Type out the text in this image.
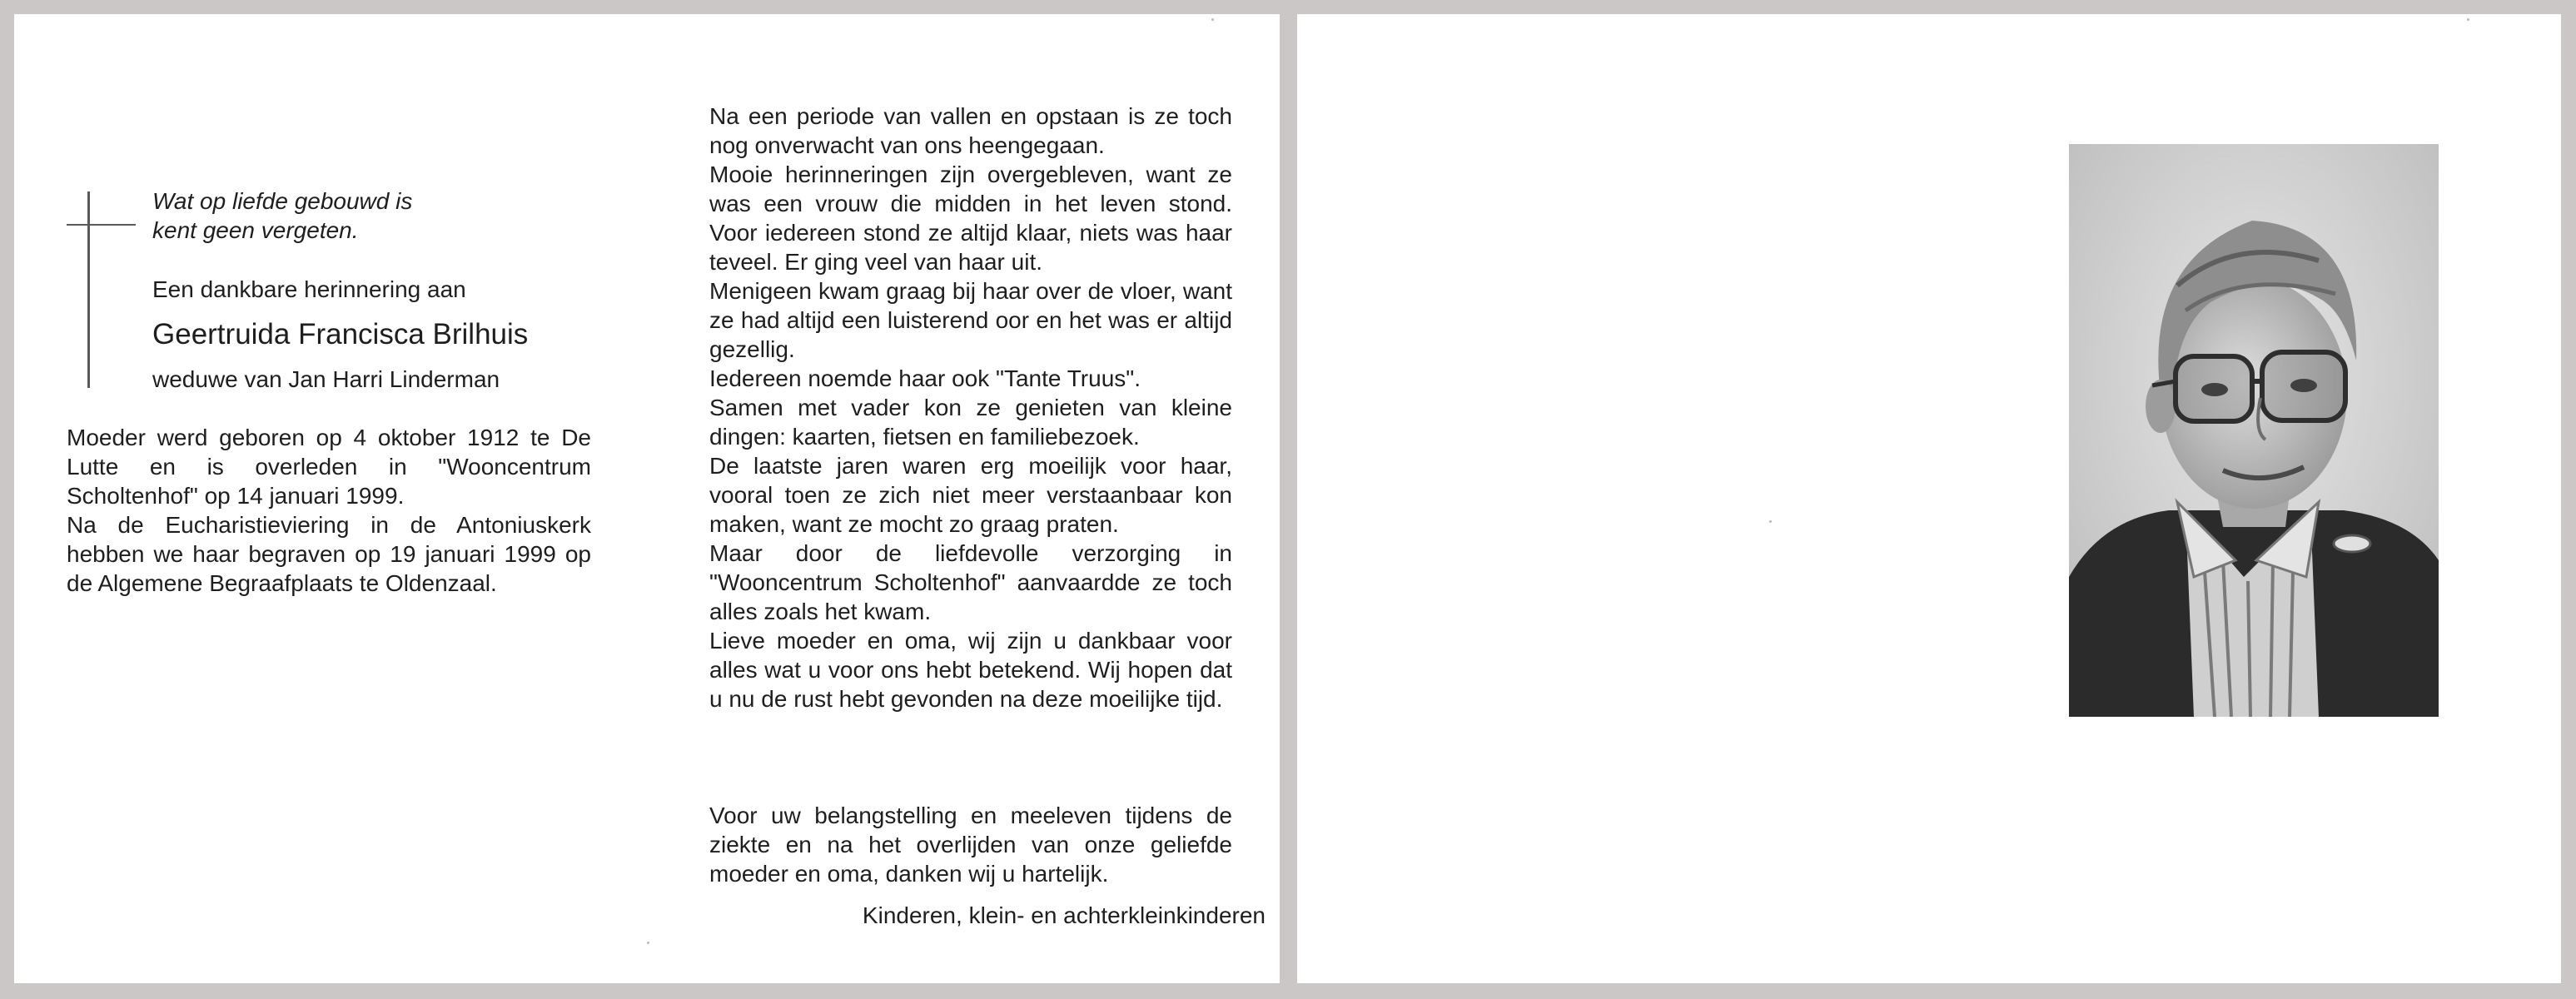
Wat op liefde gebouwd is
kent geen vergeten.
Een dankbare herinnering aan
Geertruida Francisca Brilhuis
weduwe van Jan Harri Linderman
Moeder werd geboren op 4 oktober 1912 te De Lutte en is overleden in "Wooncentrum Scholtenhof" op 14 januari 1999.
Na de Eucharistieviering in de Antoniuskerk hebben we haar begraven op 19 januari 1999 op de Algemene Begraafplaats te Oldenzaal.
Na een periode van vallen en opstaan is ze toch nog onverwacht van ons heengegaan.
Mooie herinneringen zijn overgebleven, want ze was een vrouw die midden in het leven stond. Voor iedereen stond ze altijd klaar, niets was haar teveel. Er ging veel van haar uit.
Menigeen kwam graag bij haar over de vloer, want ze had altijd een luisterend oor en het was er altijd gezellig.
Iedereen noemde haar ook "Tante Truus".
Samen met vader kon ze genieten van kleine dingen: kaarten, fietsen en familiebezoek.
De laatste jaren waren erg moeilijk voor haar, vooral toen ze zich niet meer verstaanbaar kon maken, want ze mocht zo graag praten.
Maar door de liefdevolle verzorging in "Wooncentrum Scholtenhof" aanvaardde ze toch alles zoals het kwam.
Lieve moeder en oma, wij zijn u dankbaar voor alles wat u voor ons hebt betekend. Wij hopen dat u nu de rust hebt gevonden na deze moeilijke tijd.
Voor uw belangstelling en meeleven tijdens de ziekte en na het overlijden van onze geliefde moeder en oma, danken wij u hartelijk.
Kinderen, klein- en achterkleinkinderen
